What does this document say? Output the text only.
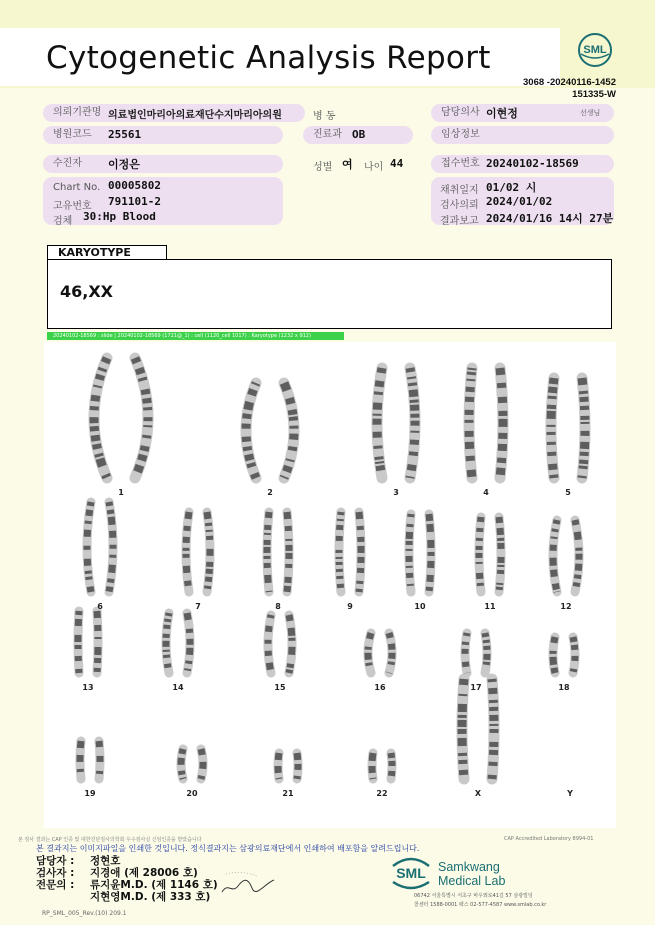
Cytogenetic Analysis Report	SML
3068 -20240116-1452
151335-W
의뢰기관명 의료법인마리아의료재단수지마리아의원	병 동	담당의사 이현정	선생님
병원코드	25561	진료과 OB	임상정보
수진자	이정은	성별 여 나이 44	접수번호 20240102-18569
Chart No. 00005802
고유번호 791101-2
검체 30:Hp Blood
채취일지 01/02 시
검사의뢰 2024/01/02
결과보고 2024/01/16 14시 27분
KARYOTYPE
46,XX
20240102-18569 : slide | 20240102-18569 (1721@_1) : cell (1120_cell 1017) : Karyotype (1232 x 912)
1	2	3	4	5
6	7	8	9	10	11	12
13	14	15	16	17	18
19	20	21	22	X	Y
본 검사 결과는 CAP 인증 및 대한진단검사의학회 우수검사실 신임인증을 받았습니다	CAP Accredited Laboratory 8994-01
본 결과지는 이미지파일을 인쇄한 것입니다. 정식결과지는 삼광의료재단에서 인쇄하여 배포함을 알려드립니다.
담당자 : 정현호
검사자 : 지경애 (제 28006 호)
전문의 : 류지윤M.D. (제 1146 호)
지현영M.D. (제 333 호)
SML Samkwang
Medical Lab
06742 서울특별시 서초구 바우뫼로41길 57 삼광빌딩
콜센터 1588-0001 팩스 02-577-4587 www.smlab.co.kr
RP_SML_005_Rev.(10) 209.1
